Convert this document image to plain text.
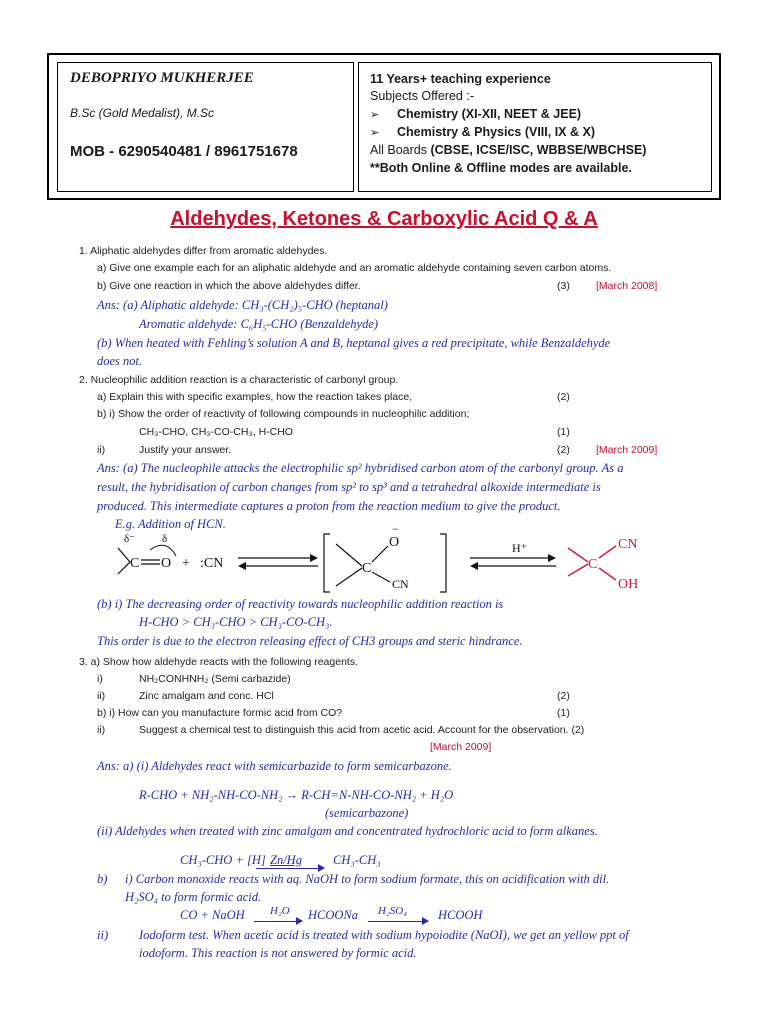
DEBOPRIYO MUKHERJEE
B.Sc (Gold Medalist), M.Sc
MOB - 6290540481 / 8961751678
11 Years+ teaching experience
Subjects Offered :-
➢ Chemistry (XI-XII, NEET & JEE)
➢ Chemistry & Physics (VIII, IX & X)
All Boards (CBSE, ICSE/ISC, WBBSE/WBCHSE)
**Both Online & Offline modes are available.
Aldehydes, Ketones & Carboxylic Acid Q & A
1. Aliphatic aldehydes differ from aromatic aldehydes.
a) Give one example each for an aliphatic aldehyde and an aromatic aldehyde containing seven carbon atoms.
b) Give one reaction in which the above aldehydes differ.	(3) [March 2008]
Ans: (a) Aliphatic aldehyde: CH₃-(CH₂)₅-CHO (heptanal)
Aromatic aldehyde: C₆H₅-CHO (Benzaldehyde)
(b) When heated with Fehling’s solution A and B, heptanal gives a red precipitate, while Benzaldehyde
does not.
2. Nucleophilic addition reaction is a characteristic of carbonyl group.
a) Explain this with specific examples, how the reaction takes place,	(2)
b) i) Show the order of reactivity of following compounds in nucleophilic addition;
CH₃-CHO, CH₃-CO-CH₃, H-CHO	(1)
ii)	Justify your answer.	(2) [March 2009]
Ans: (a) The nucleophile attacks the electrophilic sp² hybridised carbon atom of the carbonyl group. As a
result, the hybridisation of carbon changes from sp² to sp³ and a tetrahedral alkoxide intermediate is
produced. This intermediate captures a proton from the reaction medium to give the product.
E.g. Addition of HCN.
δ⁻ δ
C O + :CN	C
O
−
CN
H⁺
C
CN
OH
(b) i) The decreasing order of reactivity towards nucleophilic addition reaction is
H-CHO > CH₃-CHO > CH₃-CO-CH₃.
This order is due to the electron releasing effect of CH3 groups and steric hindrance.
3. a) Show how aldehyde reacts with the following reagents.
i)	NH₂CONHNH₂ (Semi carbazide)
ii)	Zinc amalgam and conc. HCl	(2)
b) i) How can you manufacture formic acid from CO?	(1)
ii)	Suggest a chemical test to distinguish this acid from acetic acid. Account for the observation. (2)
[March 2009]
Ans: a) (i) Aldehydes react with semicarbazide to form semicarbazone.
R-CHO + NH₂-NH-CO-NH₂ → R-CH=N-NH-CO-NH₂ + H₂O
(semicarbazone)
(ii) Aldehydes when treated with zinc amalgam and concentrated hydrochloric acid to form alkanes.
CH₃-CHO + [H] Zn/Hg CH₃-CH₃
b) i) Carbon monoxide reacts with aq. NaOH to form sodium formate, this on acidification with dil.
H₂SO₄ to form formic acid.
CO + NaOH H₂O HCOONa H₂SO₄ HCOOH
ii) Iodoform test. When acetic acid is treated with sodium hypoiodite (NaOI), we get an yellow ppt of
iodoform. This reaction is not answered by formic acid.
